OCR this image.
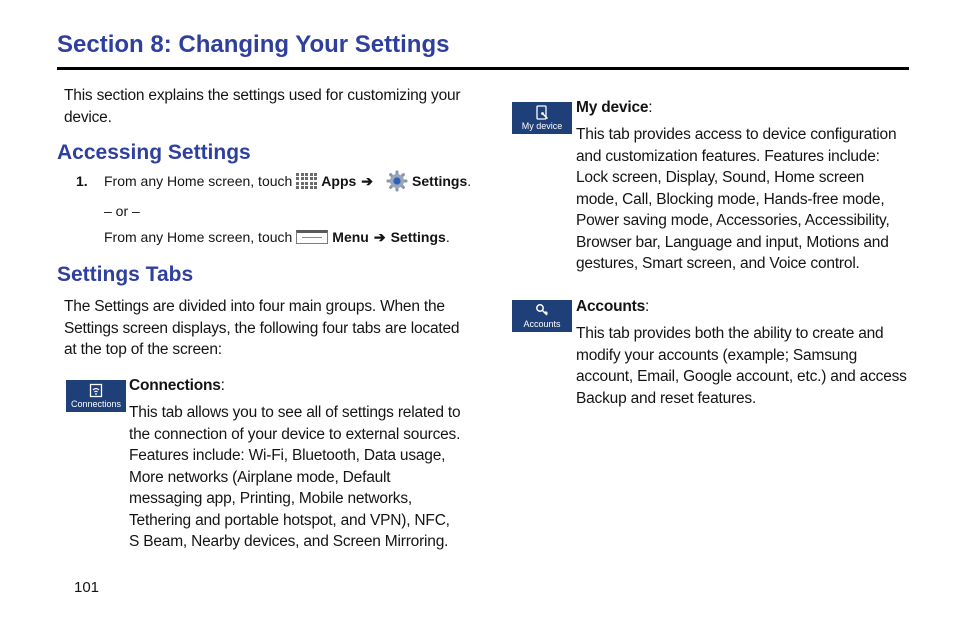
Section 8: Changing Your Settings
This section explains the settings used for customizing your device.
Accessing Settings
1. From any Home screen, touch Apps ➔	Settings .
– or –
From any Home screen, touch	Menu ➔ Settings .
Settings Tabs
The Settings are divided into four main groups. When the Settings screen displays, the following four tabs are located at the top of the screen:
Connections
Connections:
This tab allows you to see all of settings related to the connection of your device to external sources. Features include: Wi-Fi, Bluetooth, Data usage, More networks (Airplane mode, Default messaging app, Printing, Mobile networks, Tethering and portable hotspot, and VPN), NFC, S Beam, Nearby devices, and Screen Mirroring.
My device
My device:
This tab provides access to device configuration and customization features. Features include: Lock screen, Display, Sound, Home screen mode, Call, Blocking mode, Hands-free mode, Power saving mode, Accessories, Accessibility, Browser bar, Language and input, Motions and gestures, Smart screen, and Voice control.
Accounts
Accounts:
This tab provides both the ability to create and modify your accounts (example; Samsung account, Email, Google account, etc.) and access Backup and reset features.
101
